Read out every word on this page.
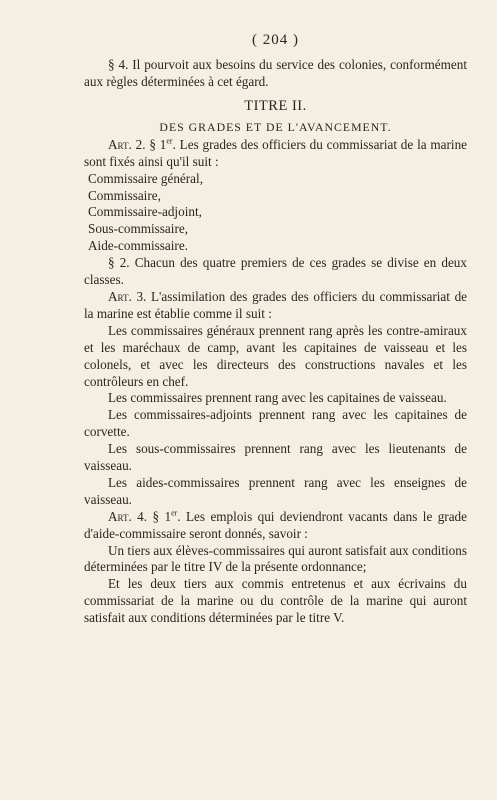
( 204 )

§ 4. Il pourvoit aux besoins du service des colonies, conformément aux règles déterminées à cet égard.

TITRE II.
DES GRADES ET DE L'AVANCEMENT.

Art. 2. § 1er. Les grades des officiers du commissariat de la marine sont fixés ainsi qu'il suit :

Commissaire général,

Commissaire,

Commissaire-adjoint,

Sous-commissaire,

Aide-commissaire.

§ 2. Chacun des quatre premiers de ces grades se divise en deux classes.

Art. 3. L'assimilation des grades des officiers du commissariat de la marine est établie comme il suit :

Les commissaires généraux prennent rang après les contre-amiraux et les maréchaux de camp, avant les capitaines de vaisseau et les colonels, et avec les directeurs des constructions navales et les contrôleurs en chef.

Les commissaires prennent rang avec les capitaines de vaisseau.

Les commissaires-adjoints prennent rang avec les capitaines de corvette.

Les sous-commissaires prennent rang avec les lieutenants de vaisseau.

Les aides-commissaires prennent rang avec les enseignes de vaisseau.

Art. 4. § 1er. Les emplois qui deviendront vacants dans le grade d'aide-commissaire seront donnés, savoir :

Un tiers aux élèves-commissaires qui auront satisfait aux conditions déterminées par le titre IV de la présente ordonnance;

Et les deux tiers aux commis entretenus et aux écrivains du commissariat de la marine ou du contrôle de la marine qui auront satisfait aux conditions déterminées par le titre V.
